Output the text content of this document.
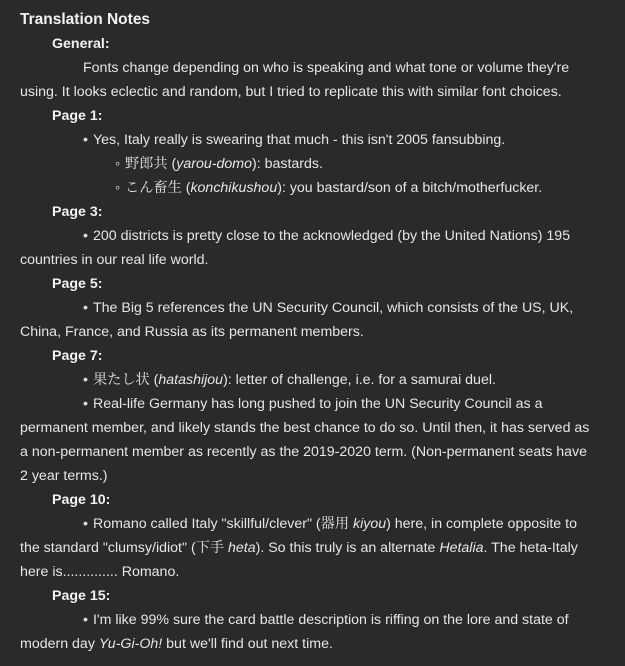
Translation Notes
General:
Fonts change depending on who is speaking and what tone or volume they're
using. It looks eclectic and random, but I tried to replicate this with similar font choices.
Page 1:
• Yes, Italy really is swearing that much - this isn't 2005 fansubbing.
◦ 野郎共 (yarou-domo): bastards.
◦ こん畜生 (konchikushou): you bastard/son of a bitch/motherfucker.
Page 3:
• 200 districts is pretty close to the acknowledged (by the United Nations) 195
countries in our real life world.
Page 5:
• The Big 5 references the UN Security Council, which consists of the US, UK,
China, France, and Russia as its permanent members.
Page 7:
• 果たし状 (hatashijou): letter of challenge, i.e. for a samurai duel.
• Real-life Germany has long pushed to join the UN Security Council as a
permanent member, and likely stands the best chance to do so. Until then, it has served as
a non-permanent member as recently as the 2019-2020 term. (Non-permanent seats have
2 year terms.)
Page 10:
• Romano called Italy "skillful/clever" (器用 kiyou) here, in complete opposite to
the standard "clumsy/idiot" (下手 heta). So this truly is an alternate Hetalia. The heta-Italy
here is.............. Romano.
Page 15:
• I'm like 99% sure the card battle description is riffing on the lore and state of
modern day Yu-Gi-Oh! but we'll find out next time.
